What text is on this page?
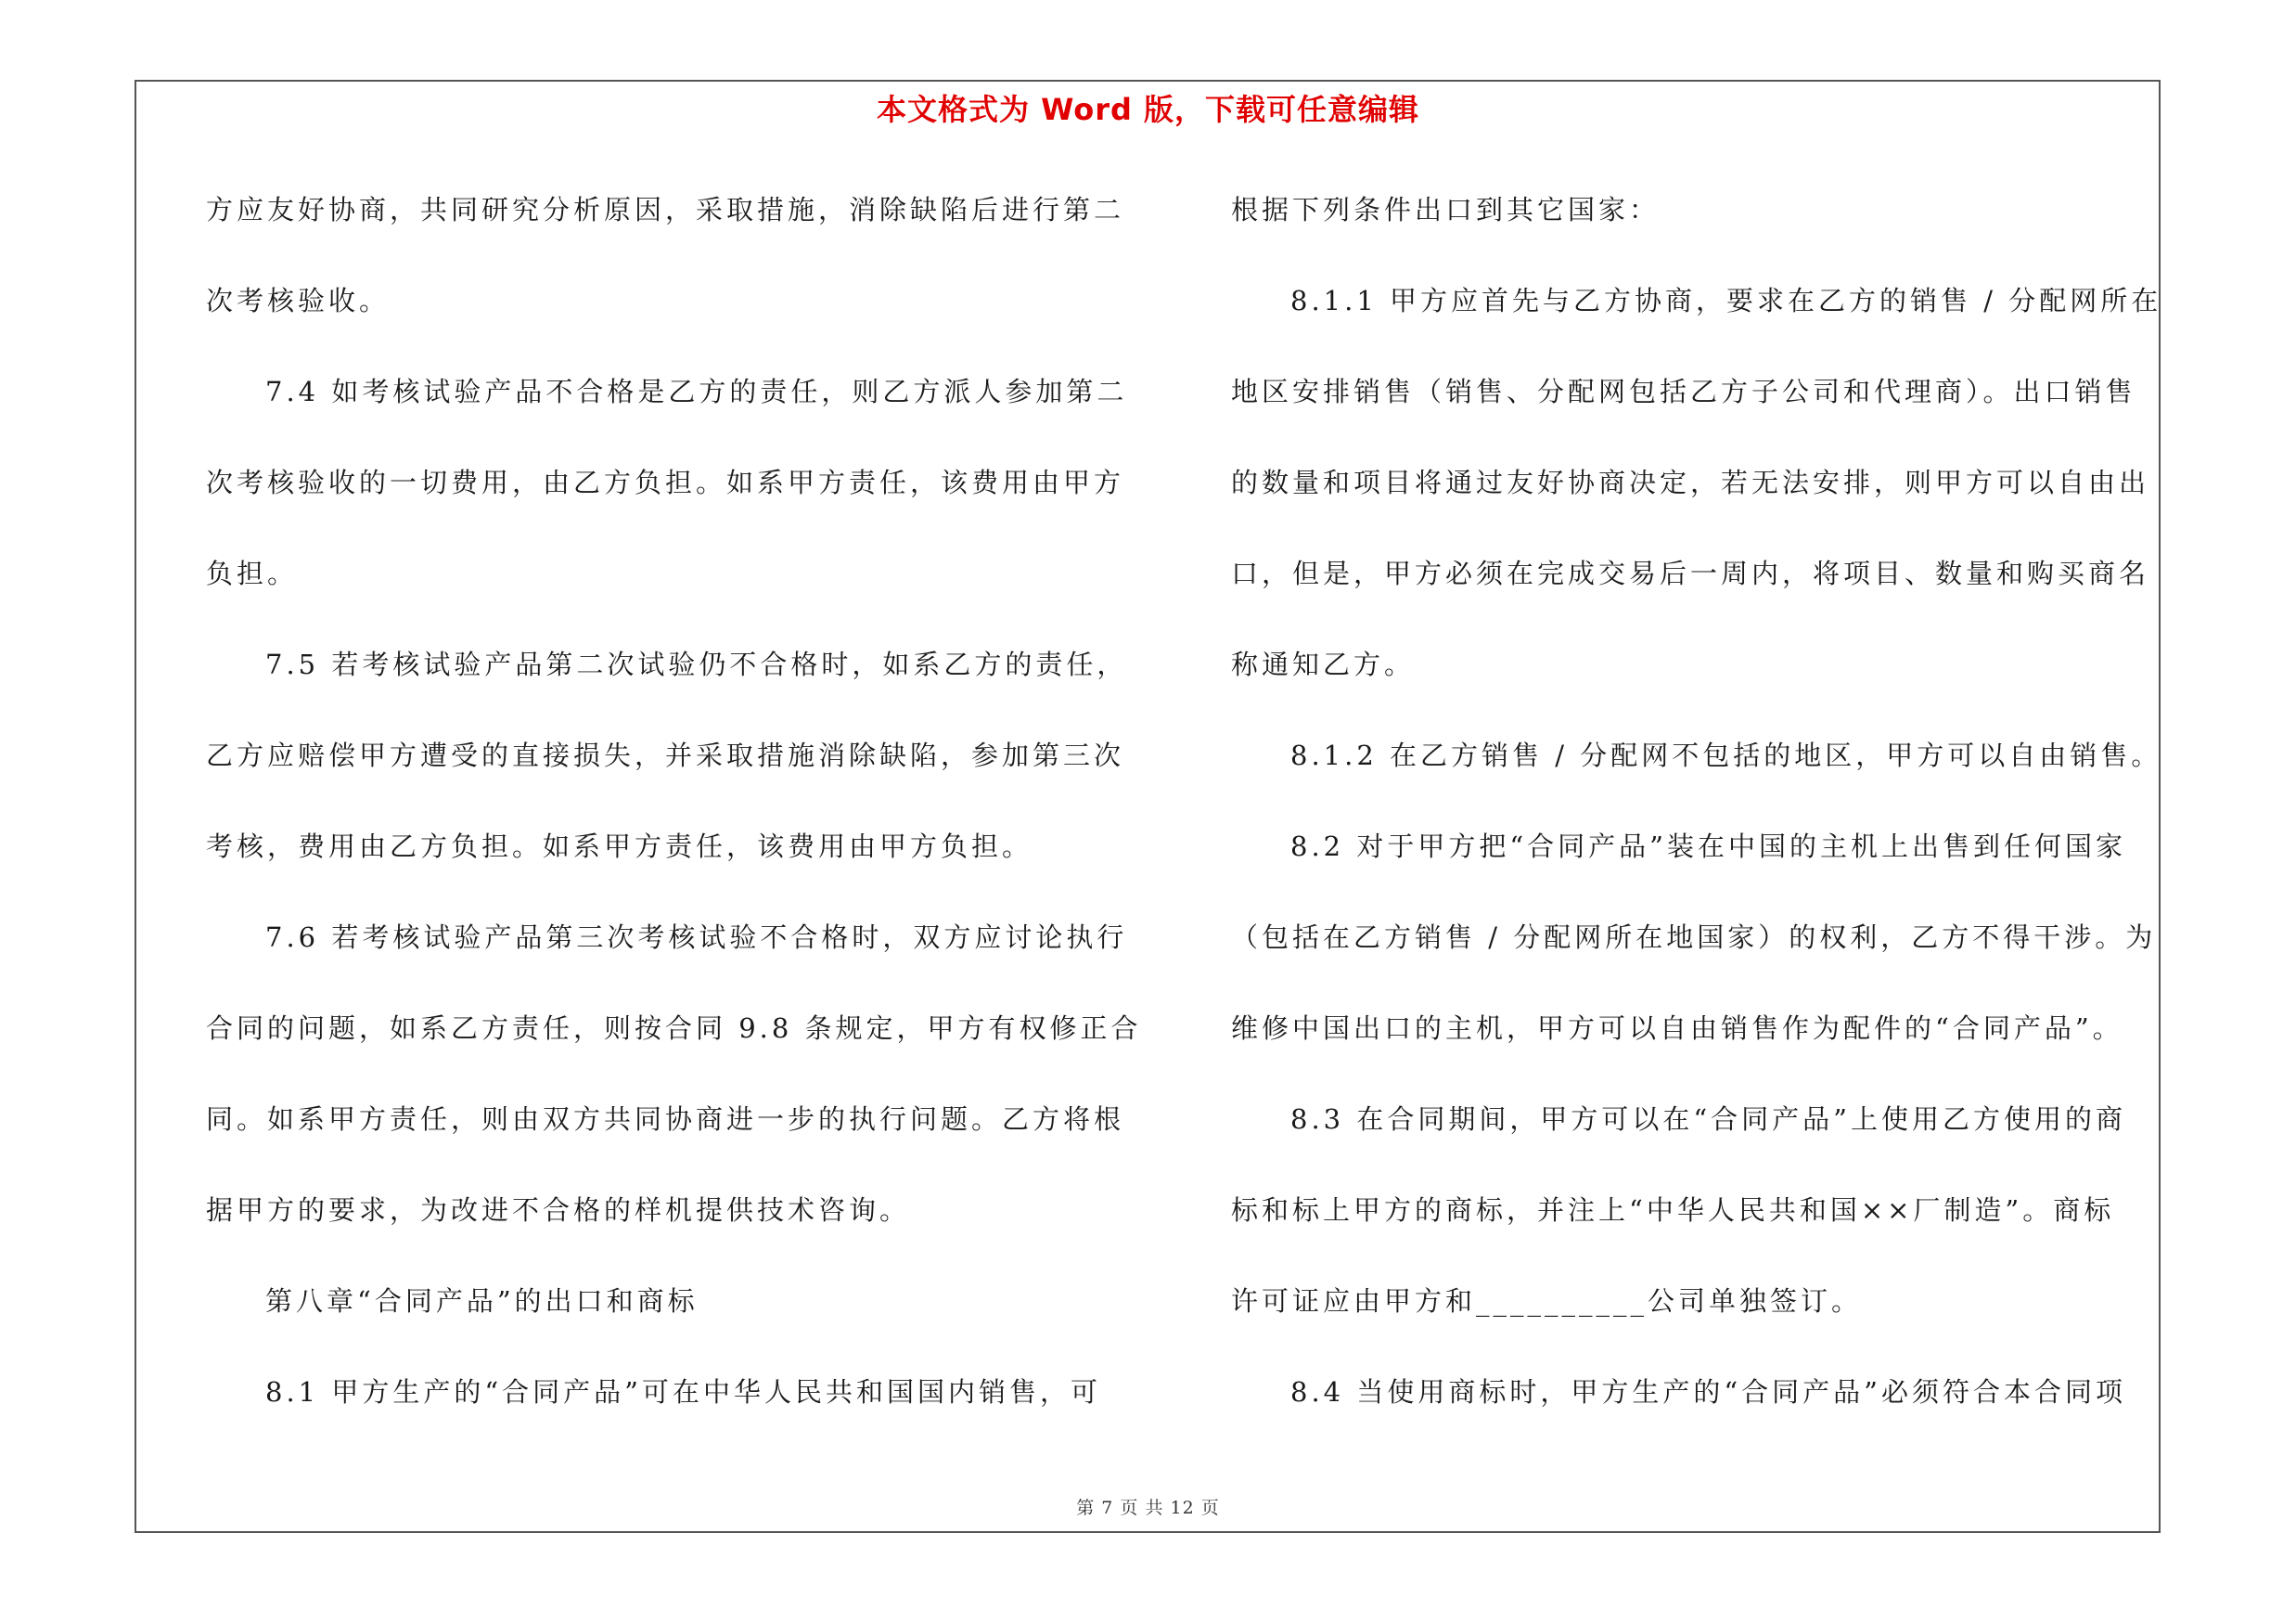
本文格式为 Word 版，下载可任意编辑
方应友好协商，共同研究分析原因，采取措施，消除缺陷后进行第二
次考核验收。
7.4 如考核试验产品不合格是乙方的责任，则乙方派人参加第二
次考核验收的一切费用，由乙方负担。如系甲方责任，该费用由甲方
负担。
7.5 若考核试验产品第二次试验仍不合格时，如系乙方的责任，
乙方应赔偿甲方遭受的直接损失，并采取措施消除缺陷，参加第三次
考核，费用由乙方负担。如系甲方责任，该费用由甲方负担。
7.6 若考核试验产品第三次考核试验不合格时，双方应讨论执行
合同的问题，如系乙方责任，则按合同 9.8 条规定，甲方有权修正合
同。如系甲方责任，则由双方共同协商进一步的执行问题。乙方将根
据甲方的要求，为改进不合格的样机提供技术咨询。
第八章“合同产品”的出口和商标
8.1 甲方生产的“合同产品”可在中华人民共和国国内销售，可
根据下列条件出口到其它国家：
8.1.1 甲方应首先与乙方协商，要求在乙方的销售 / 分配网所在
地区安排销售（销售、分配网包括乙方子公司和代理商）。出口销售
的数量和项目将通过友好协商决定，若无法安排，则甲方可以自由出
口，但是，甲方必须在完成交易后一周内，将项目、数量和购买商名
称通知乙方。
8.1.2 在乙方销售 / 分配网不包括的地区，甲方可以自由销售。
8.2 对于甲方把“合同产品”装在中国的主机上出售到任何国家
（包括在乙方销售 / 分配网所在地国家）的权利，乙方不得干涉。为
维修中国出口的主机，甲方可以自由销售作为配件的“合同产品”。
8.3 在合同期间，甲方可以在“合同产品”上使用乙方使用的商
标和标上甲方的商标，并注上“中华人民共和国××厂制造”。商标
许可证应由甲方和__________公司单独签订。
8.4 当使用商标时，甲方生产的“合同产品”必须符合本合同项
第 7 页 共 12 页
